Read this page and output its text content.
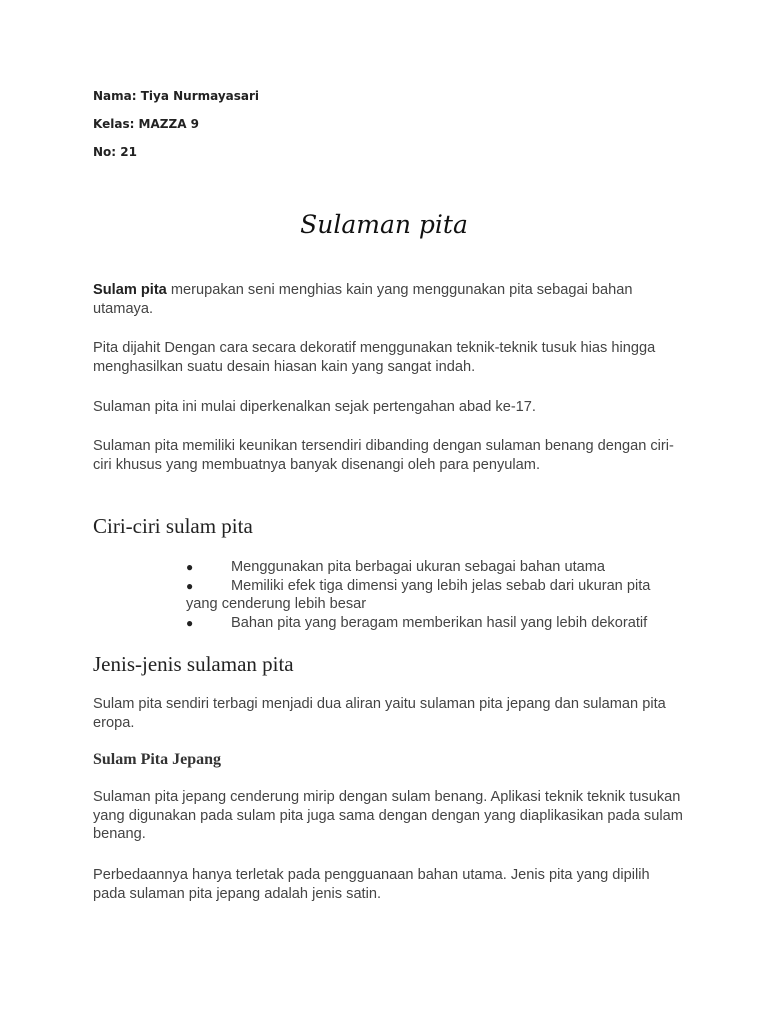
Nama: Tiya Nurmayasari

Kelas: MAZZA 9

No: 21

Sulaman pita

Sulam pita merupakan seni menghias kain yang menggunakan pita sebagai bahan utamaya.

Pita dijahit Dengan cara secara dekoratif menggunakan teknik-teknik tusuk hias hingga menghasilkan suatu desain hiasan kain yang sangat indah.

Sulaman pita ini mulai diperkenalkan sejak pertengahan abad ke-17.

Sulaman pita memiliki keunikan tersendiri dibanding dengan sulaman benang dengan ciri-ciri khusus yang membuatnya banyak disenangi oleh para penyulam.

Ciri-ciri sulam pita
●	Menggunakan pita berbagai ukuran sebagai bahan utama
●	Memiliki efek tiga dimensi yang lebih jelas sebab dari ukuran pita yang cenderung lebih besar
●	Bahan pita yang beragam memberikan hasil yang lebih dekoratif
Jenis-jenis sulaman pita

Sulam pita sendiri terbagi menjadi dua aliran yaitu sulaman pita jepang dan sulaman pita eropa.

Sulam Pita Jepang

Sulaman pita jepang cenderung mirip dengan sulam benang. Aplikasi teknik teknik tusukan yang digunakan pada sulam pita juga sama dengan dengan yang diaplikasikan pada sulam benang.

Perbedaannya hanya terletak pada pengguanaan bahan utama. Jenis pita yang dipilih pada sulaman pita jepang adalah jenis satin.
